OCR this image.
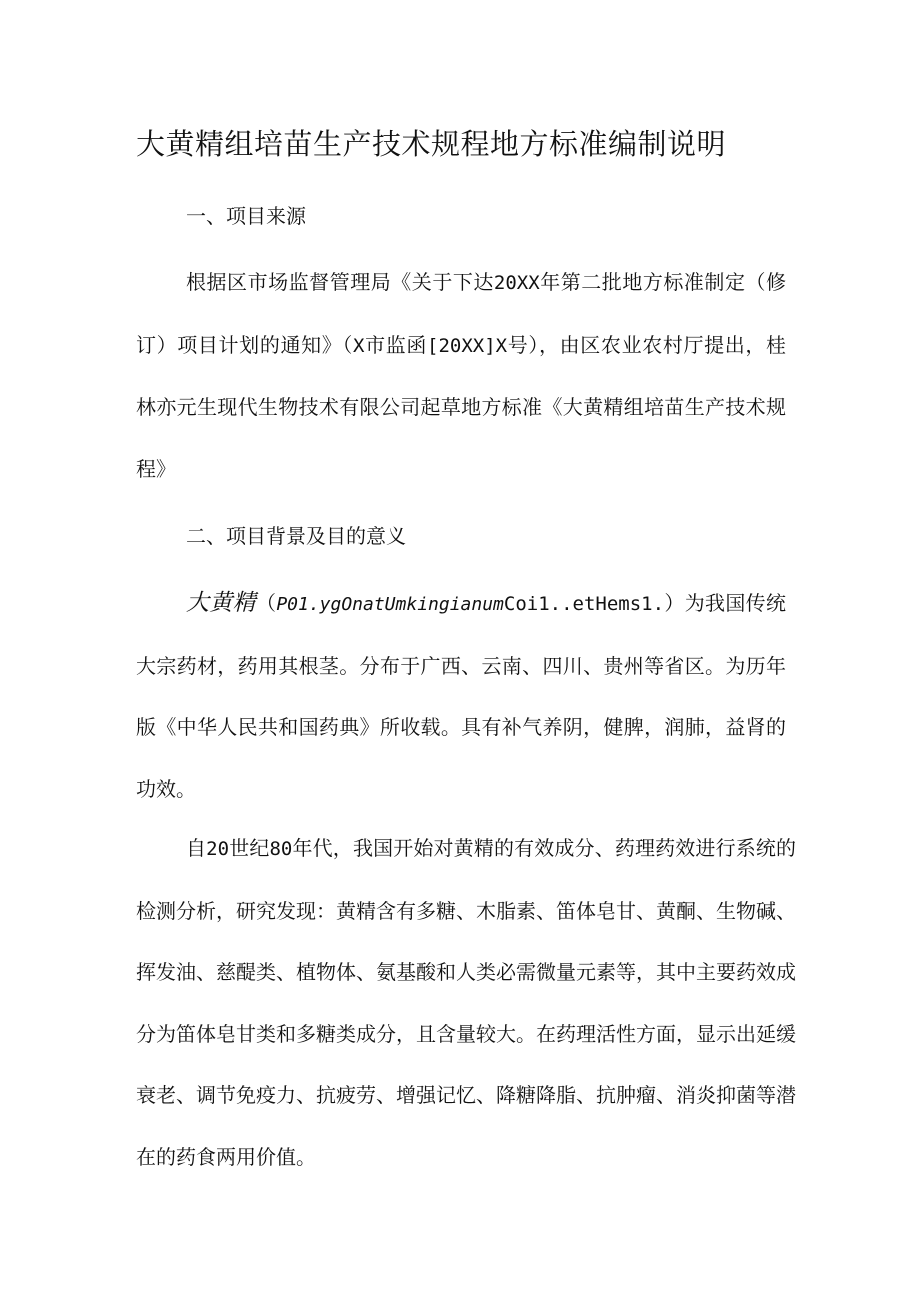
大黄精组培苗生产技术规程地方标准编制说明
一、项目来源
根据区市场监督管理局《关于下达20XX年第二批地方标准制定（修订）项目计划的通知》（X市监函[20XX]X号），由区农业农村厅提出，桂林亦元生现代生物技术有限公司起草地方标准《大黄精组培苗生产技术规程》
二、项目背景及目的意义
大黄精（P01.ygOnatUmkingianumCoi1..etHems1.）为我国传统大宗药材，药用其根茎。分布于广西、云南、四川、贵州等省区。为历年版《中华人民共和国药典》所收载。具有补气养阴，健脾，润肺，益肾的功效。
自20世纪80年代，我国开始对黄精的有效成分、药理药效进行系统的检测分析，研究发现：黄精含有多糖、木脂素、笛体皂甘、黄酮、生物碱、挥发油、慈醍类、植物体、氨基酸和人类必需微量元素等，其中主要药效成分为笛体皂甘类和多糖类成分，且含量较大。在药理活性方面，显示出延缓衰老、调节免疫力、抗疲劳、增强记忆、降糖降脂、抗肿瘤、消炎抑菌等潜在的药食两用价值。
